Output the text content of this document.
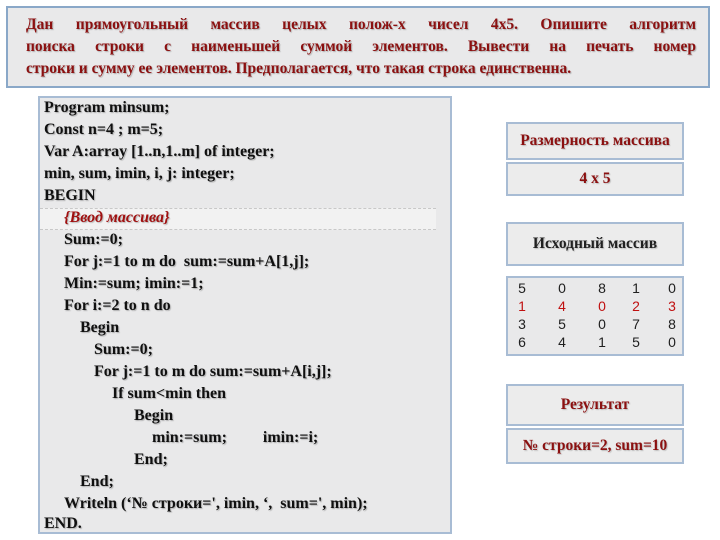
Дан прямоугольный массив целых полож-х чисел 4х5. Опишите алгоритм
поиска строки с наименьшей суммой элементов. Вывести на печать номер
строки и сумму ее элементов. Предполагается, что такая строка единственна.
Program minsum;
Const n=4 ; m=5;
Var A:array [1..n,1..m] of integer;
min, sum, imin, i, j: integer;
BEGIN
{Ввод массива}
Sum:=0;
For j:=1 to m do  sum:=sum+A[1,j];
Min:=sum; imin:=1;
For i:=2 to n do
Begin
Sum:=0;
For j:=1 to m do sum:=sum+A[i,j];
If sum<min then
Begin
min:=sum;         imin:=i;
End;
End;
Writeln (‘№ строки=', imin, ‘,  sum=', min);
END.
Размерность массива
4 х 5
Исходный массив
5	0	8	1	0
1	4	0	2	3
3	5	0	7	8
6	4	1	5	0
Результат
№ строки=2, sum=10
